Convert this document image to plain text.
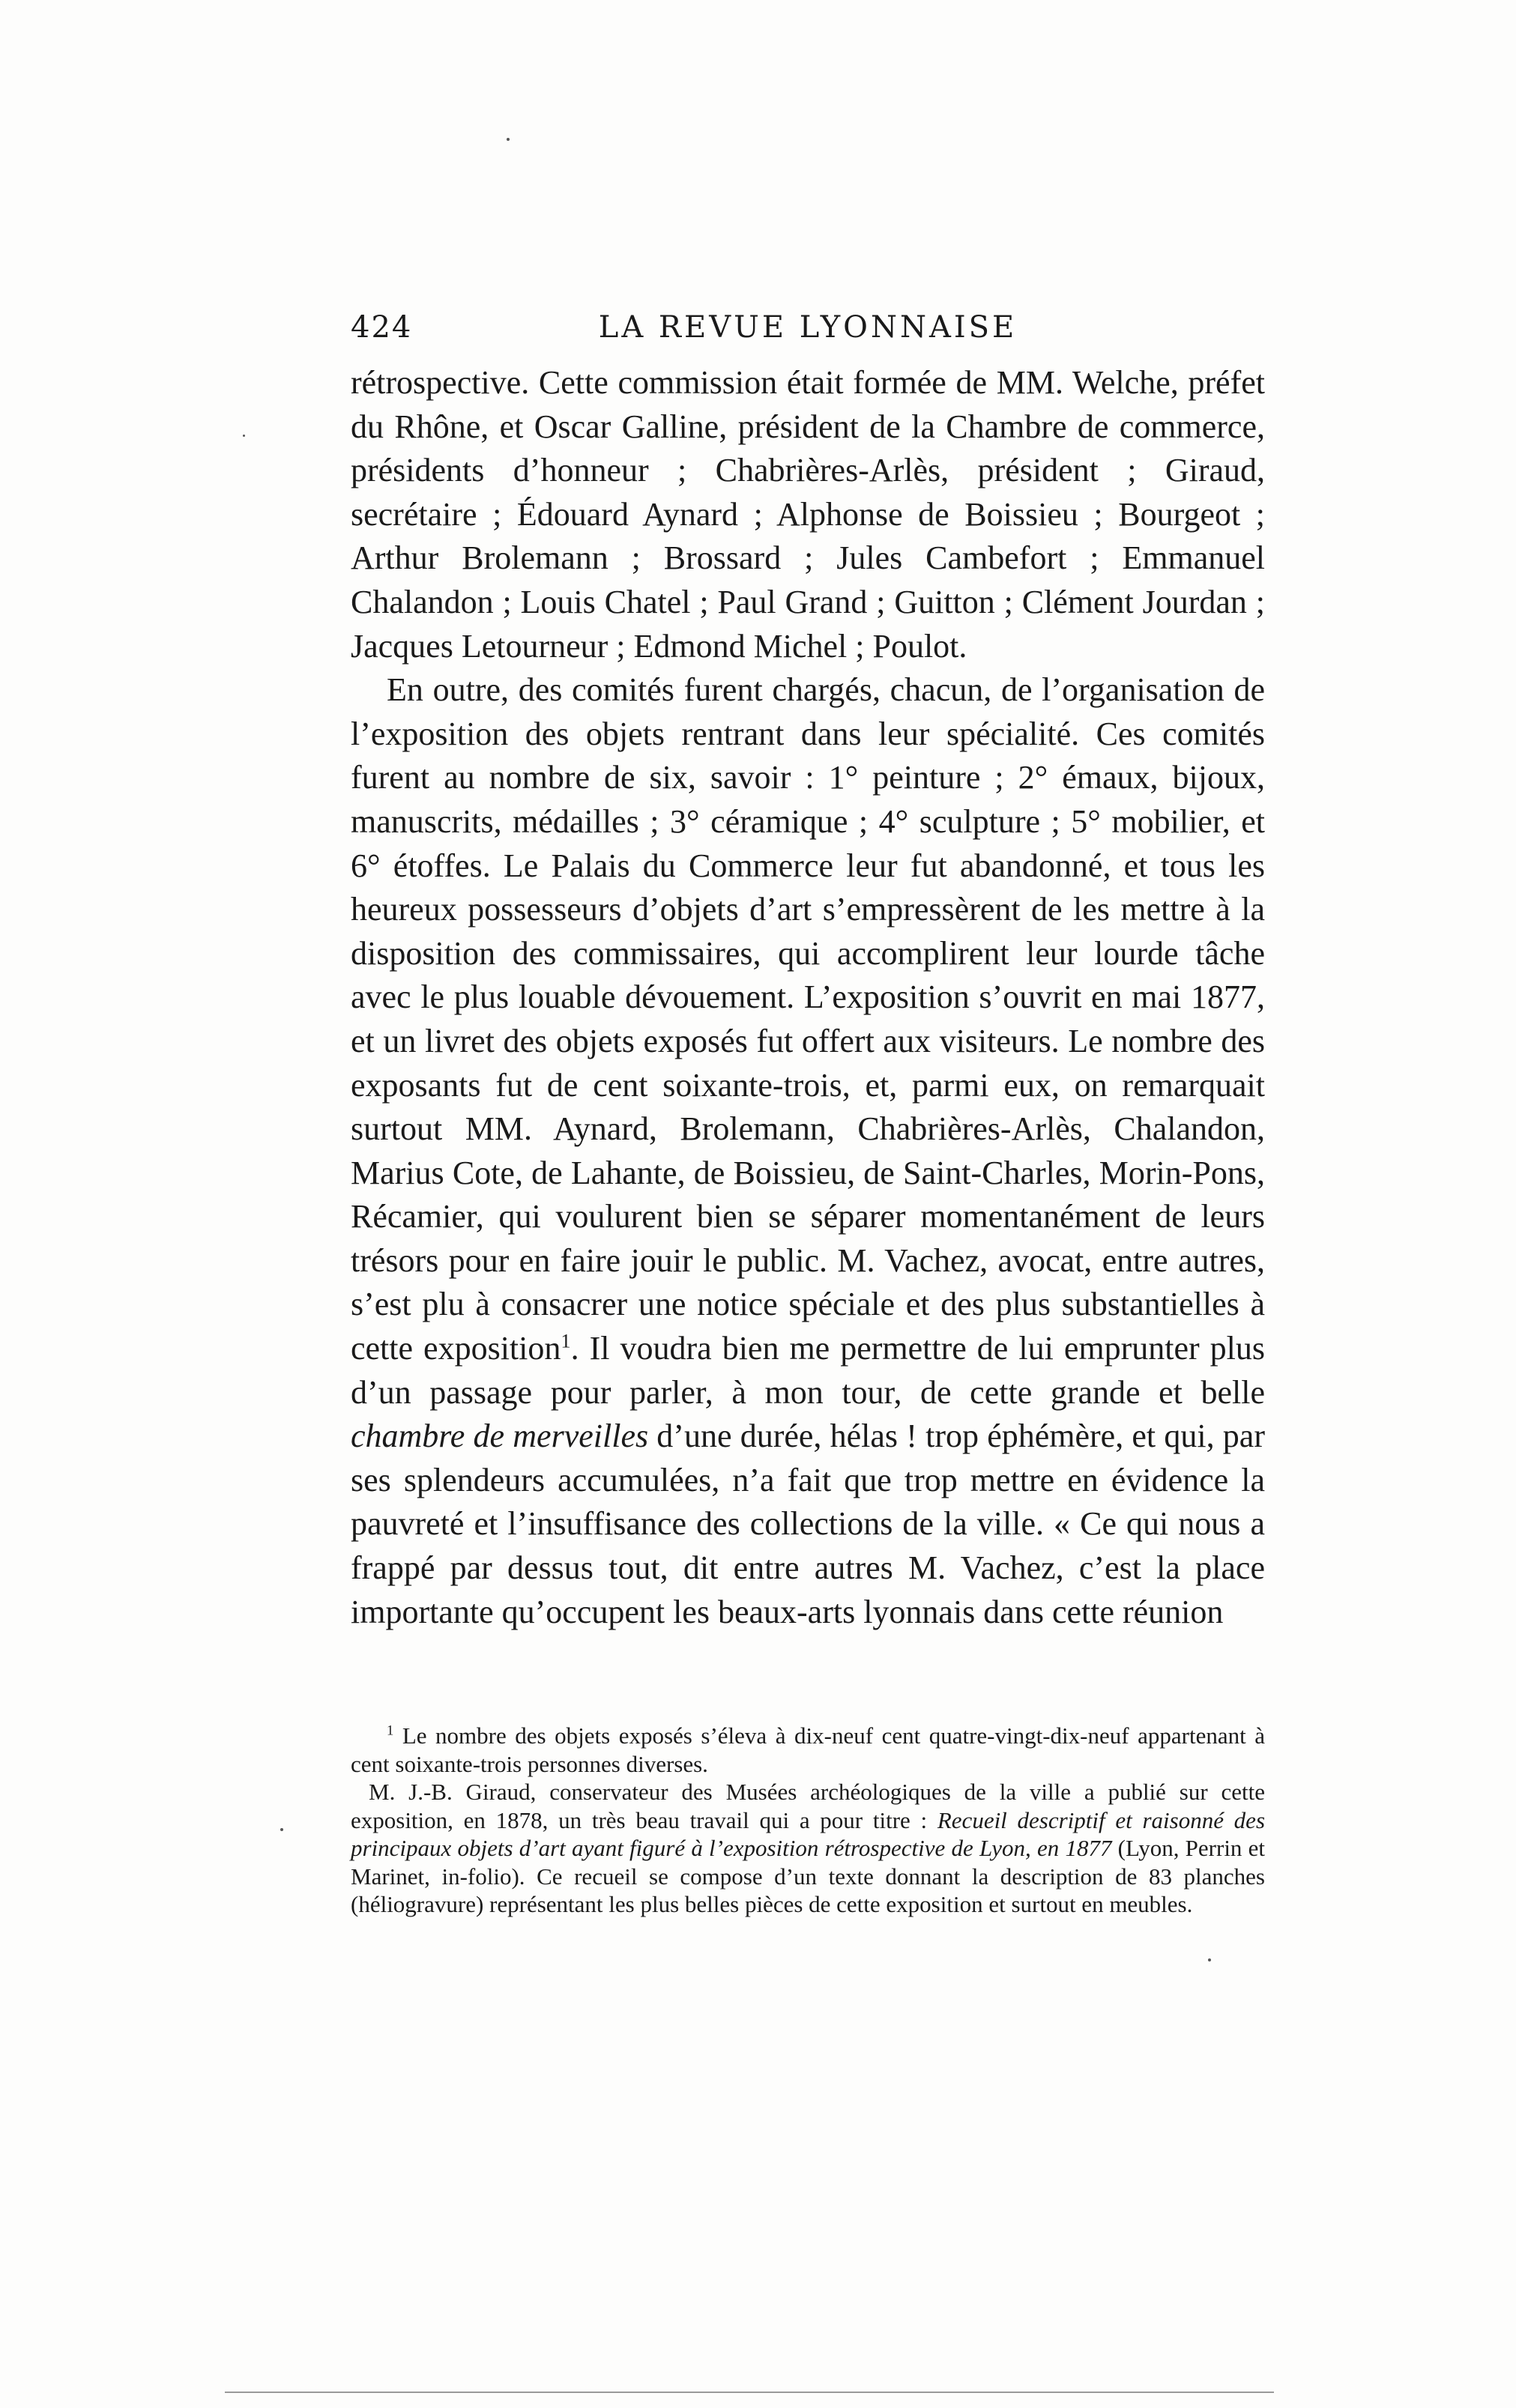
424	LA REVUE LYONNAISE

rétrospective. Cette commission était formée de MM. Welche, préfet du Rhône, et Oscar Galline, président de la Chambre de commerce, présidents d’honneur ; Chabrières-Arlès, président ; Giraud, secrétaire ; Édouard Aynard ; Alphonse de Boissieu ; Bourgeot ; Arthur Brolemann ; Brossard ; Jules Cambefort ; Emmanuel Chalandon ; Louis Chatel ; Paul Grand ; Guitton ; Clément Jourdan ; Jacques Letourneur ; Edmond Michel ; Poulot.

En outre, des comités furent chargés, chacun, de l’organisation de l’exposition des objets rentrant dans leur spécialité. Ces comités furent au nombre de six, savoir : 1° peinture ; 2° émaux, bijoux, manuscrits, médailles ; 3° céramique ; 4° sculpture ; 5° mobilier, et 6° étoffes. Le Palais du Commerce leur fut abandonné, et tous les heureux possesseurs d’objets d’art s’empressèrent de les mettre à la disposition des commissaires, qui accomplirent leur lourde tâche avec le plus louable dévouement. L’exposition s’ouvrit en mai 1877, et un livret des objets exposés fut offert aux visiteurs. Le nombre des exposants fut de cent soixante-trois, et, parmi eux, on remarquait surtout MM. Aynard, Brolemann, Chabrières-Arlès, Chalandon, Marius Cote, de Lahante, de Boissieu, de Saint-Charles, Morin-Pons, Récamier, qui voulurent bien se séparer momentanément de leurs trésors pour en faire jouir le public. M. Vachez, avocat, entre autres, s’est plu à consacrer une notice spéciale et des plus substantielles à cette exposition$^1$. Il voudra bien me permettre de lui emprunter plus d’un passage pour parler, à mon tour, de cette grande et belle chambre de merveilles d’une durée, hélas ! trop éphémère, et qui, par ses splendeurs accumulées, n’a fait que trop mettre en évidence la pauvreté et l’insuffisance des collections de la ville. « Ce qui nous a frappé par dessus tout, dit entre autres M. Vachez, c’est la place importante qu’occupent les beaux-arts lyonnais dans cette réunion

$^1$ Le nombre des objets exposés s’éleva à dix-neuf cent quatre-vingt-dix-neuf appartenant à cent soixante-trois personnes diverses.

M. J.-B. Giraud, conservateur des Musées archéologiques de la ville a publié sur cette exposition, en 1878, un très beau travail qui a pour titre : Recueil descriptif et raisonné des principaux objets d’art ayant figuré à l’exposition rétrospective de Lyon, en 1877 (Lyon, Perrin et Marinet, in-folio). Ce recueil se compose d’un texte donnant la description de 83 planches (héliogravure) représentant les plus belles pièces de cette exposition et surtout en meubles.
